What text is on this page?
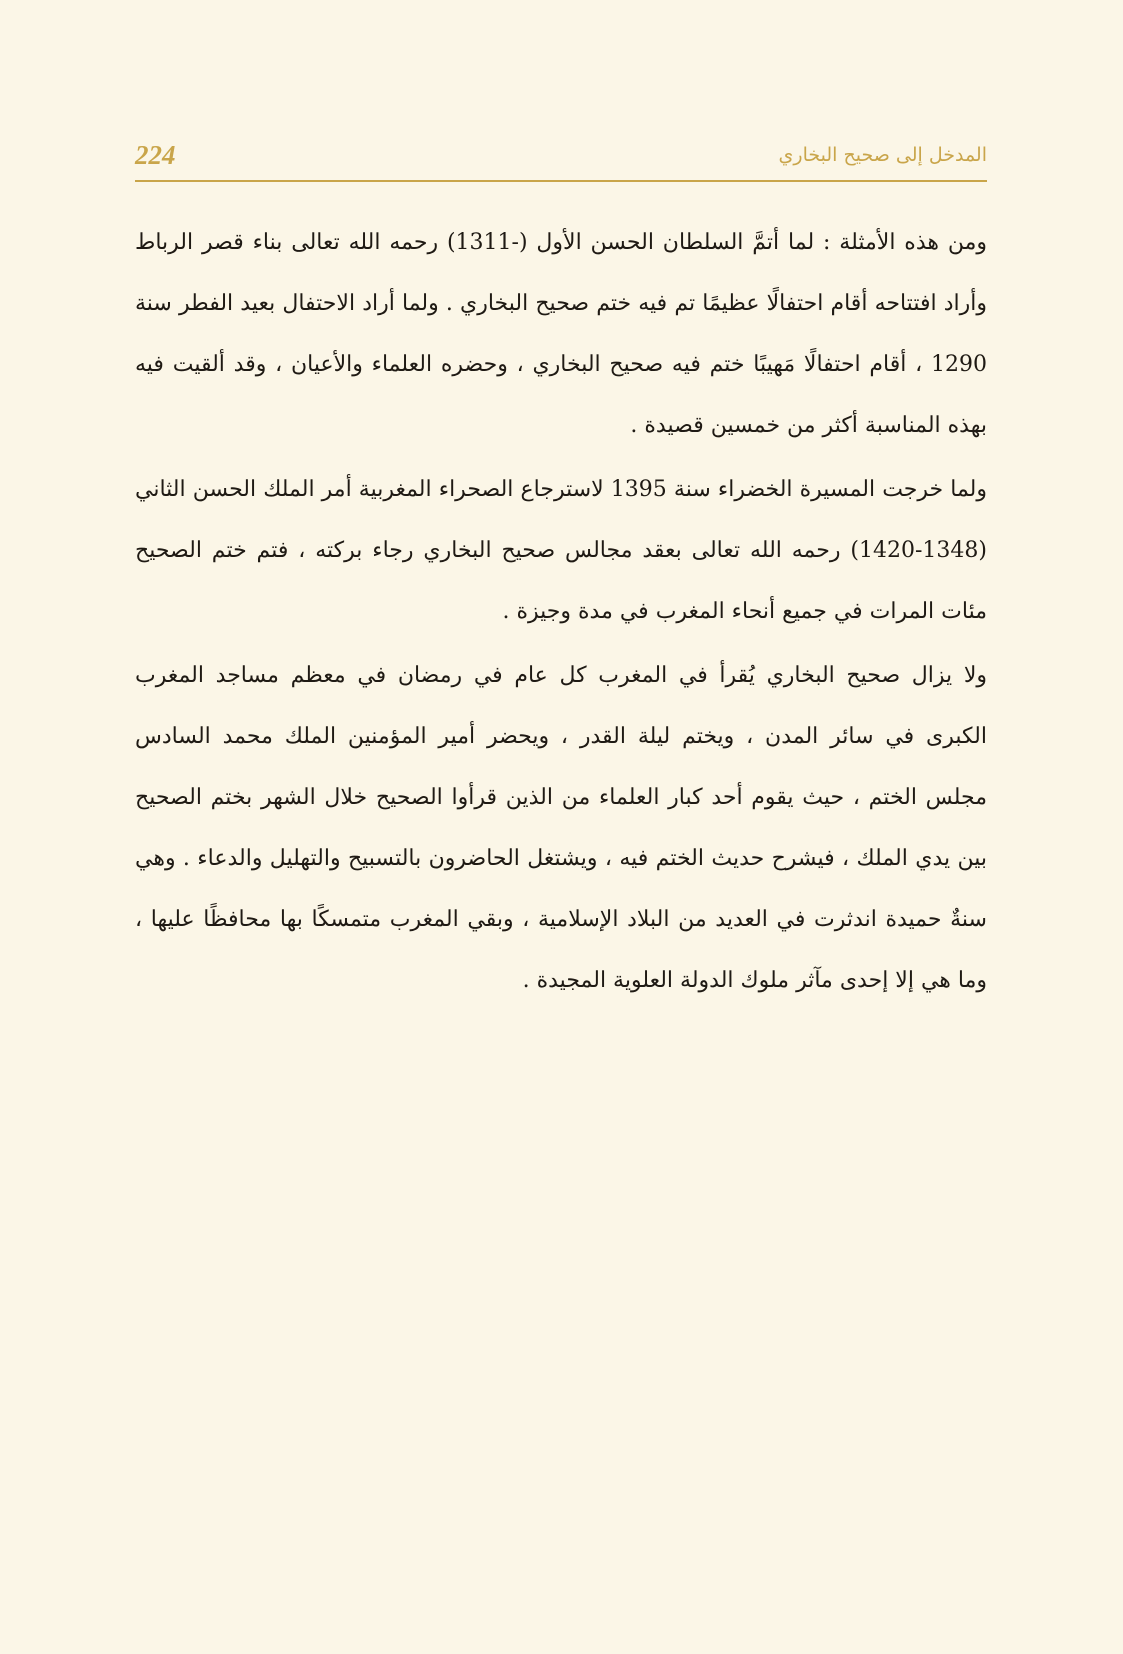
224	المدخل إلى صحيح البخاري

ومن هذه الأمثلة : لما أتمَّ السلطان الحسن الأول (-1311) رحمه الله تعالى بناء قصر الرباط وأراد افتتاحه أقام احتفالًا عظيمًا تم فيه ختم صحيح البخاري . ولما أراد الاحتفال بعيد الفطر سنة 1290 ، أقام احتفالًا مَهيبًا ختم فيه صحيح البخاري ، وحضره العلماء والأعيان ، وقد ألقيت فيه بهذه المناسبة أكثر من خمسين قصيدة .

ولما خرجت المسيرة الخضراء سنة 1395 لاسترجاع الصحراء المغربية أمر الملك الحسن الثاني (1348-1420) رحمه الله تعالى بعقد مجالس صحيح البخاري رجاء بركته ، فتم ختم الصحيح مئات المرات في جميع أنحاء المغرب في مدة وجيزة .

ولا يزال صحيح البخاري يُقرأ في المغرب كل عام في رمضان في معظم مساجد المغرب الكبرى في سائر المدن ، ويختم ليلة القدر ، ويحضر أمير المؤمنين الملك محمد السادس مجلس الختم ، حيث يقوم أحد كبار العلماء من الذين قرأوا الصحيح خلال الشهر بختم الصحيح بين يدي الملك ، فيشرح حديث الختم فيه ، ويشتغل الحاضرون بالتسبيح والتهليل والدعاء . وهي سنةٌ حميدة اندثرت في العديد من البلاد الإسلامية ، وبقي المغرب متمسكًا بها محافظًا عليها ، وما هي إلا إحدى مآثر ملوك الدولة العلوية المجيدة .
